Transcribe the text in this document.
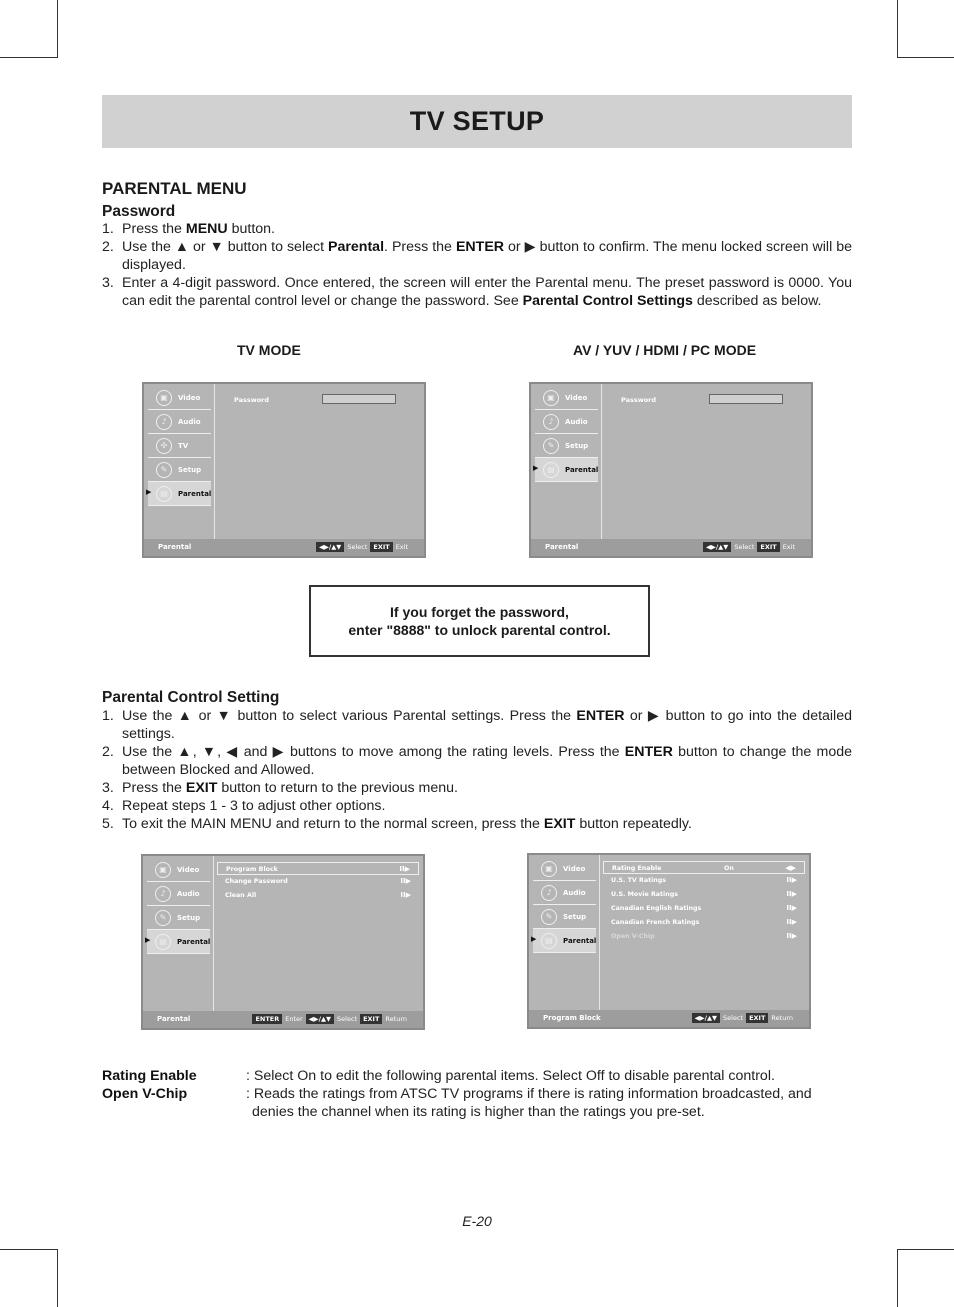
TV SETUP
PARENTAL MENU
Password
1. Press the MENU button.
2. Use the ▲ or ▼ button to select Parental. Press the ENTER or ▶ button to confirm. The menu locked screen will be displayed.
3. Enter a 4-digit password. Once entered, the screen will enter the Parental menu. The preset password is 0000. You can edit the parental control level or change the password. See Parental Control Settings described as below.
TV MODE	AV / YUV / HDMI / PC MODE
▣	Video
♪	Audio
✣	TV
✎	Setup
▶	▤	Parental
Password
Parental	◀▶/▲▼ Select EXIT Exit
▣	Video
♪	Audio
✎	Setup
▶	▤	Parental
Password
Parental	◀▶/▲▼ Select EXIT Exit
If you forget the password,
enter "8888" to unlock parental control.
Parental Control Setting
1. Use the ▲ or ▼ button to select various Parental settings. Press the ENTER or ▶ button to go into the detailed settings.
2. Use the ▲, ▼, ◀ and ▶ buttons to move among the rating levels. Press the ENTER button to change the mode between Blocked and Allowed.
3. Press the EXIT button to return to the previous menu.
4. Repeat steps 1 - 3 to adjust other options.
5. To exit the MAIN MENU and return to the normal screen, press the EXIT button repeatedly.
▣	Video
♪	Audio
✎	Setup
▶	▤	Parental
Program Block	II▶
Change Password	II▶
Clean All	II▶
Parental	ENTER Enter ◀▶/▲▼ Select EXIT Return
▣	Video
♪	Audio
✎	Setup
▶	▤	Parental
Rating Enable	On	◀▶
U.S. TV Ratings	II▶
U.S. Movie Ratings	II▶
Canadian English Ratings	II▶
Canadian French Ratings	II▶
Open V-Chip	II▶
Program Block	◀▶/▲▼ Select EXIT Return
Rating Enable	: Select On to edit the following parental items. Select Off to disable parental control.
Open V-Chip	: Reads the ratings from ATSC TV programs if there is rating information broadcasted, and denies the channel when its rating is higher than the ratings you pre-set.
E-20
